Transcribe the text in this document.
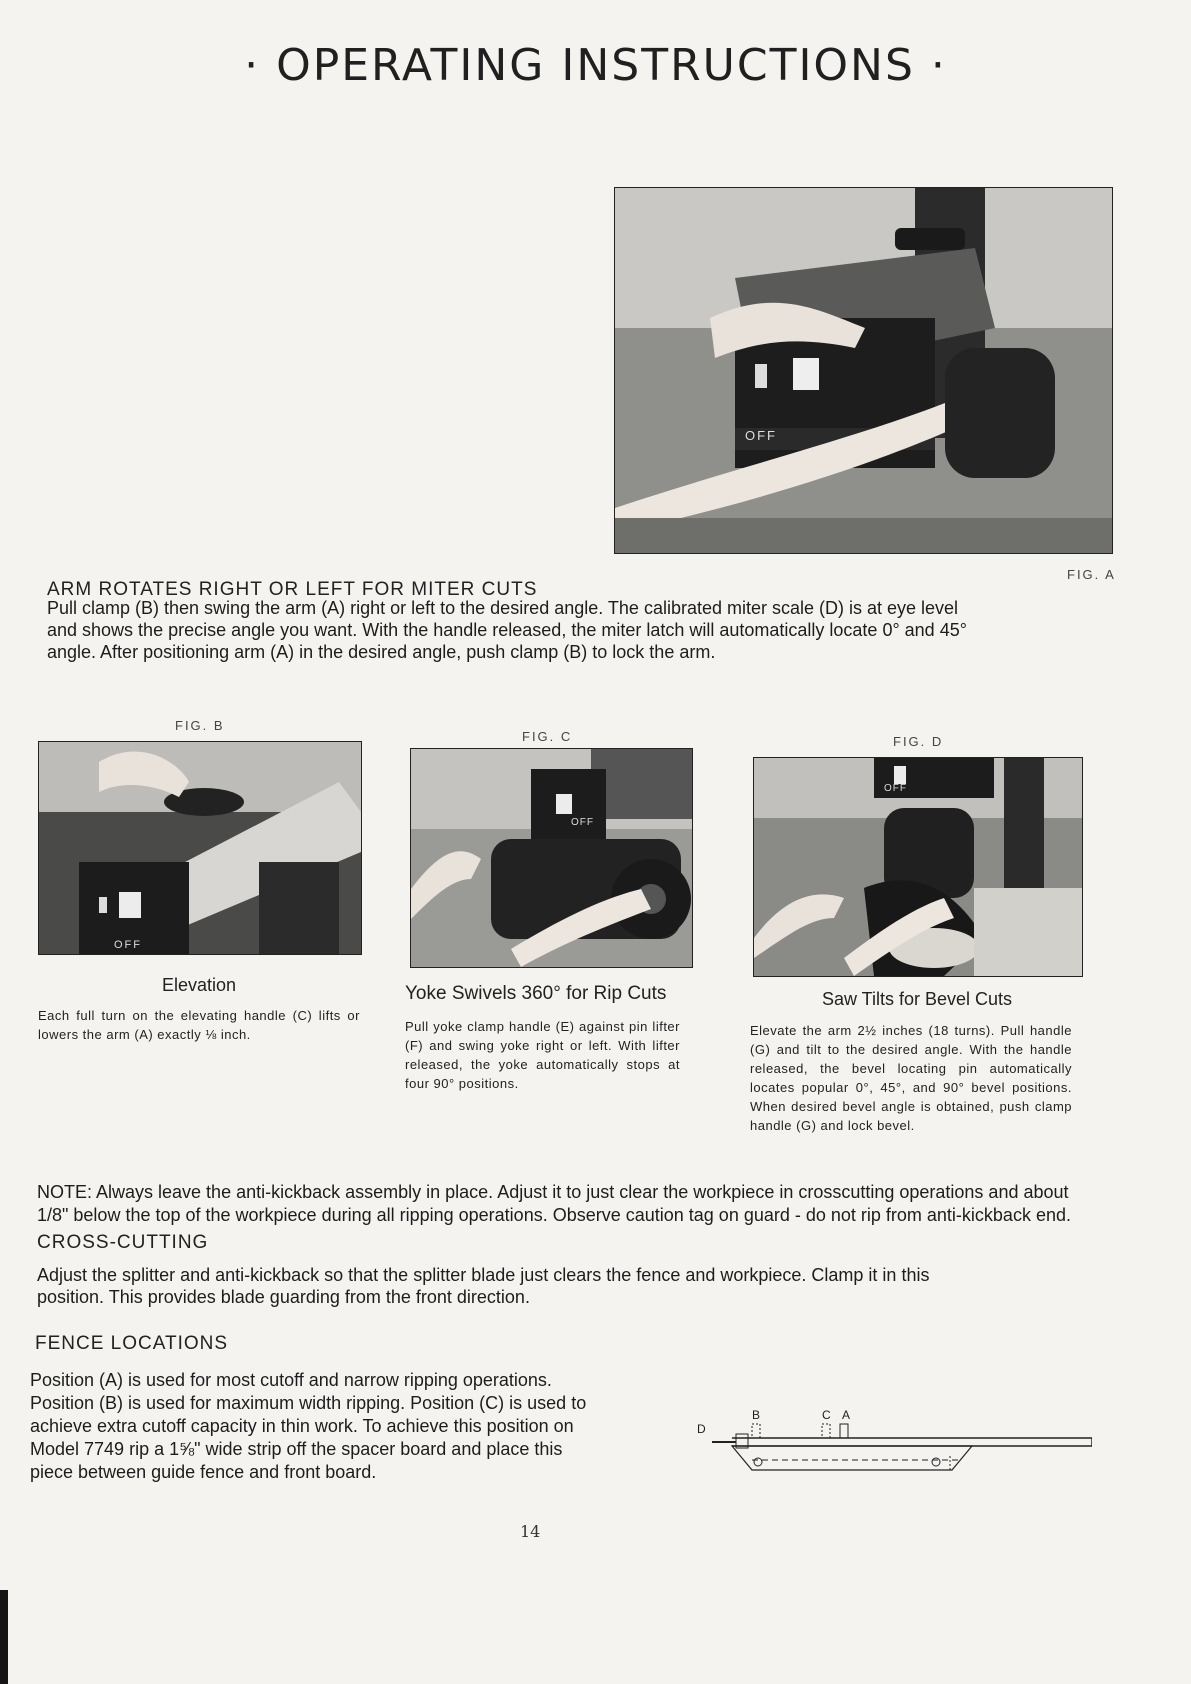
· OPERATING INSTRUCTIONS ·
OFF
FIG. A
ARM ROTATES RIGHT OR LEFT FOR MITER CUTS
Pull clamp (B) then swing the arm (A) right or left to the desired angle. The calibrated miter scale (D) is at eye level
and shows the precise angle you want. With the handle released, the miter latch will automatically locate 0° and 45°
angle. After positioning arm (A) in the desired angle, push clamp (B) to lock the arm.
FIG. B
OFF
FIG. C
OFF
FIG. D
OFF
Elevation
Each full turn on the elevating handle (C) lifts or lowers the arm (A) exactly ⅛ inch.
Yoke Swivels 360° for Rip Cuts
Pull yoke clamp handle (E) against pin lifter (F) and swing yoke right or left. With lifter released, the yoke automatically stops at four 90° positions.
Saw Tilts for Bevel Cuts
Elevate the arm 2½ inches (18 turns). Pull handle (G) and tilt to the desired angle. With the handle released, the bevel locating pin automatically locates popular 0°, 45°, and 90° bevel positions. When desired bevel angle is obtained, push clamp handle (G) and lock bevel.
NOTE: Always leave the anti-kickback assembly in place. Adjust it to just clear the workpiece in crosscutting operations and about
1/8" below the top of the workpiece during all ripping operations. Observe caution tag on guard - do not rip from anti-kickback end.
CROSS-CUTTING
Adjust the splitter and anti-kickback so that the splitter blade just clears the fence and workpiece. Clamp it in this
position. This provides blade guarding from the front direction.
FENCE LOCATIONS
Position (A) is used for most cutoff and narrow ripping operations.
Position (B) is used for maximum width ripping. Position (C) is used to
achieve extra cutoff capacity in thin work. To achieve this position on
Model 7749 rip a 1⅝" wide strip off the spacer board and place this
piece between guide fence and front board.
B	C A
D
14
